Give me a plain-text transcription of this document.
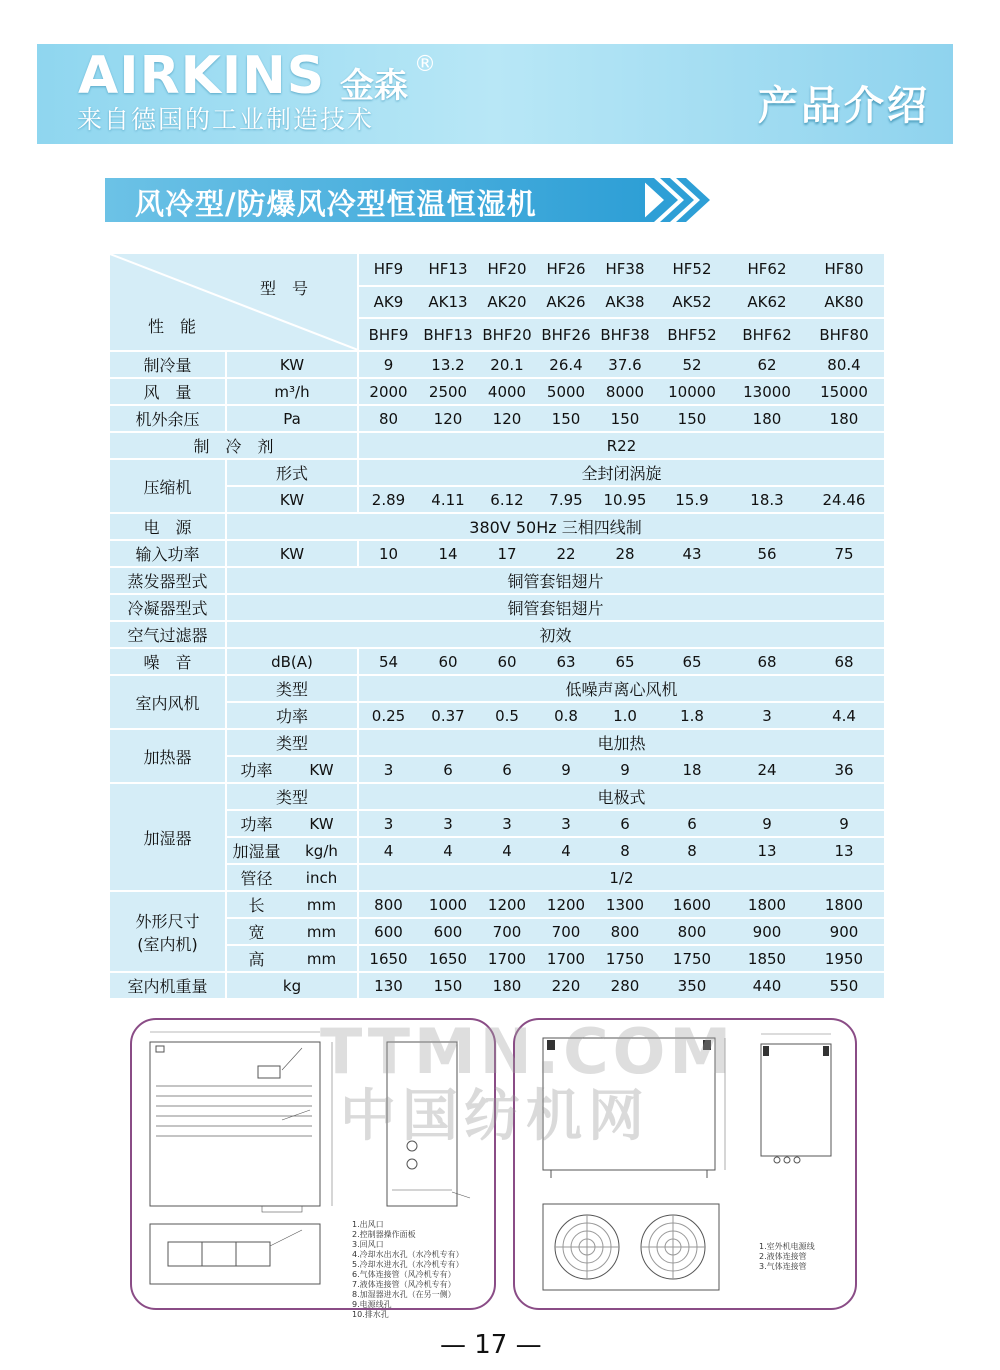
AIRKINS 金森
®
来自德国的工业制造技术	产品介绍
风冷型/防爆风冷型恒温恒湿机
型　号
性　能			HF9	HF13	HF20	HF26	HF38	HF52	HF62	HF80
			AK9	AK13	AK20	AK26	AK38	AK52	AK62	AK80
			BHF9	BHF13	BHF20	BHF26	BHF38	BHF52	BHF62	BHF80
制冷量	KW		9	13.2	20.1	26.4	37.6	52	62	80.4
风　量	m³/h		2000	2500	4000	5000	8000	10000	13000	15000
机外余压	Pa		80	120	120	150	150	150	180	180
制　冷　剂			R22							
压缩机	形式		全封闭涡旋							
	KW		2.89	4.11	6.12	7.95	10.95	15.9	18.3	24.46
电　源	380V 50Hz 三相四线制									
输入功率	KW		10	14	17	22	28	43	56	75
蒸发器型式	铜管套铝翅片									
冷凝器型式	铜管套铝翅片									
空气过滤器	初效									
噪　音	dB(A)		54	60	60	63	65	65	68	68
室内风机	类型		低噪声离心风机							
	功率		0.25	0.37	0.5	0.8	1.0	1.8	3	4.4
加热器	类型		电加热							
	功率	KW	3	6	6	9	9	18	24	36
加湿器	类型		电极式							
	功率	KW	3	3	3	3	6	6	9	9
	加湿量	kg/h	4	4	4	4	8	8	13	13
	管径	inch	1/2							

外形尺寸
(室内机)	长	mm	800	1000	1200	1200	1300	1600	1800	1800
	宽	mm	600	600	700	700	800	800	900	900
	高	mm	1650	1650	1700	1700	1750	1750	1850	1950
室内机重量	kg		130	150	180	220	280	350	440	550
1.出风口
2.控制器操作面板
3.回风口
4.冷却水出水孔（水冷机专有）
5.冷却水进水孔（水冷机专有）
6.气体连接管（风冷机专有）
7.液体连接管（风冷机专有）
8.加湿器进水孔（在另一侧）
9.电源线孔
10.排水孔
1.室外机电源线
2.液体连接管
3.气体连接管
TTMN.COM
中国纺机网
— 17 —
